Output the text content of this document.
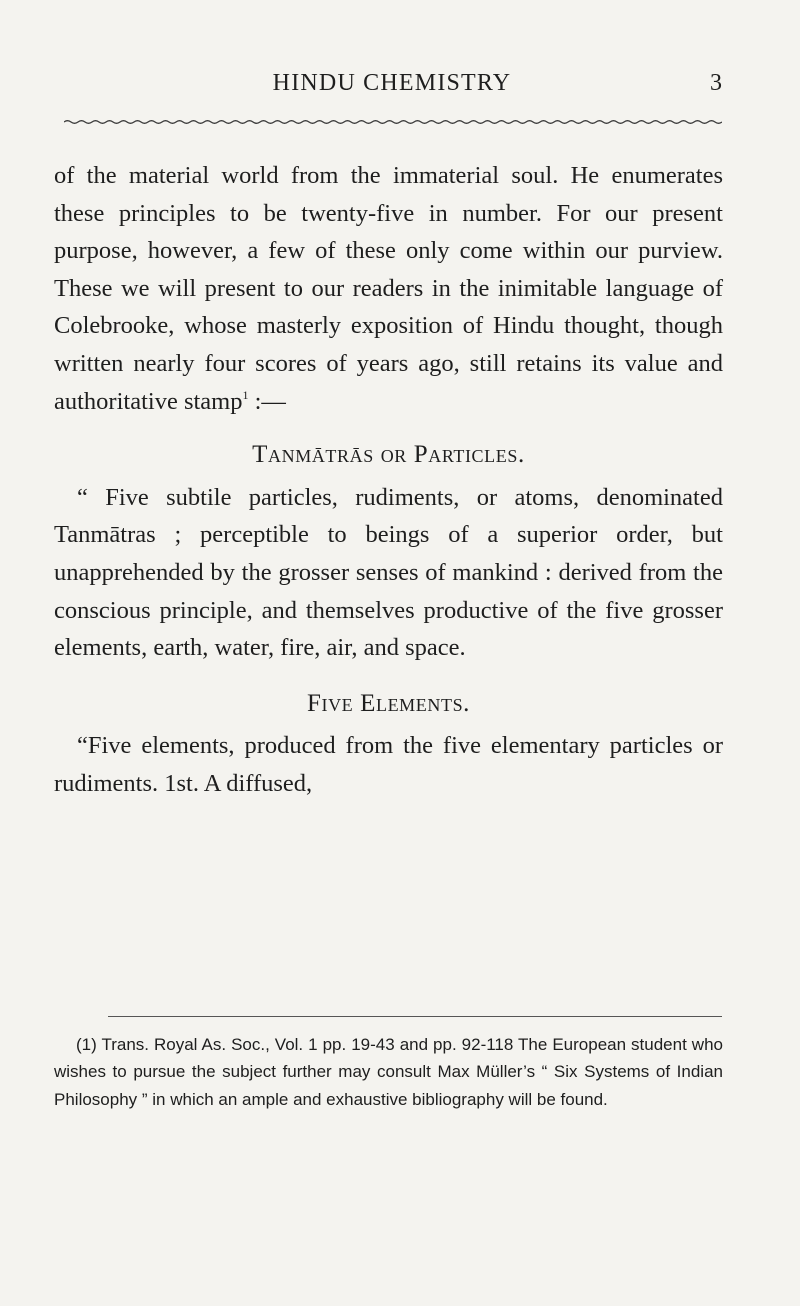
HINDU CHEMISTRY	3

of the material world from the immaterial soul. He enumerates these principles to be twenty-five in number. For our present purpose, however, a few of these only come within our purview. These we will present to our readers in the inimitable language of Colebrooke, whose masterly exposition of Hindu thought, though written nearly four scores of years ago, still retains its value and authoritative stamp$^1$ :—

Tanmātrās or Particles.

“ Five subtile particles, rudiments, or atoms, denominated Tanmātras ; perceptible to beings of a superior order, but unapprehended by the grosser senses of mankind : derived from the conscious principle, and themselves productive of the five grosser elements, earth, water, fire, air, and space.

Five Elements.

“Five elements, produced from the five elementary particles or rudiments. 1st. A diffused,

(1) Trans. Royal As. Soc., Vol. 1 pp. 19-43 and pp. 92-118 The European student who wishes to pursue the subject further may consult Max Müller’s “ Six Systems of Indian Philosophy ” in which an ample and exhaustive bibliography will be found.
